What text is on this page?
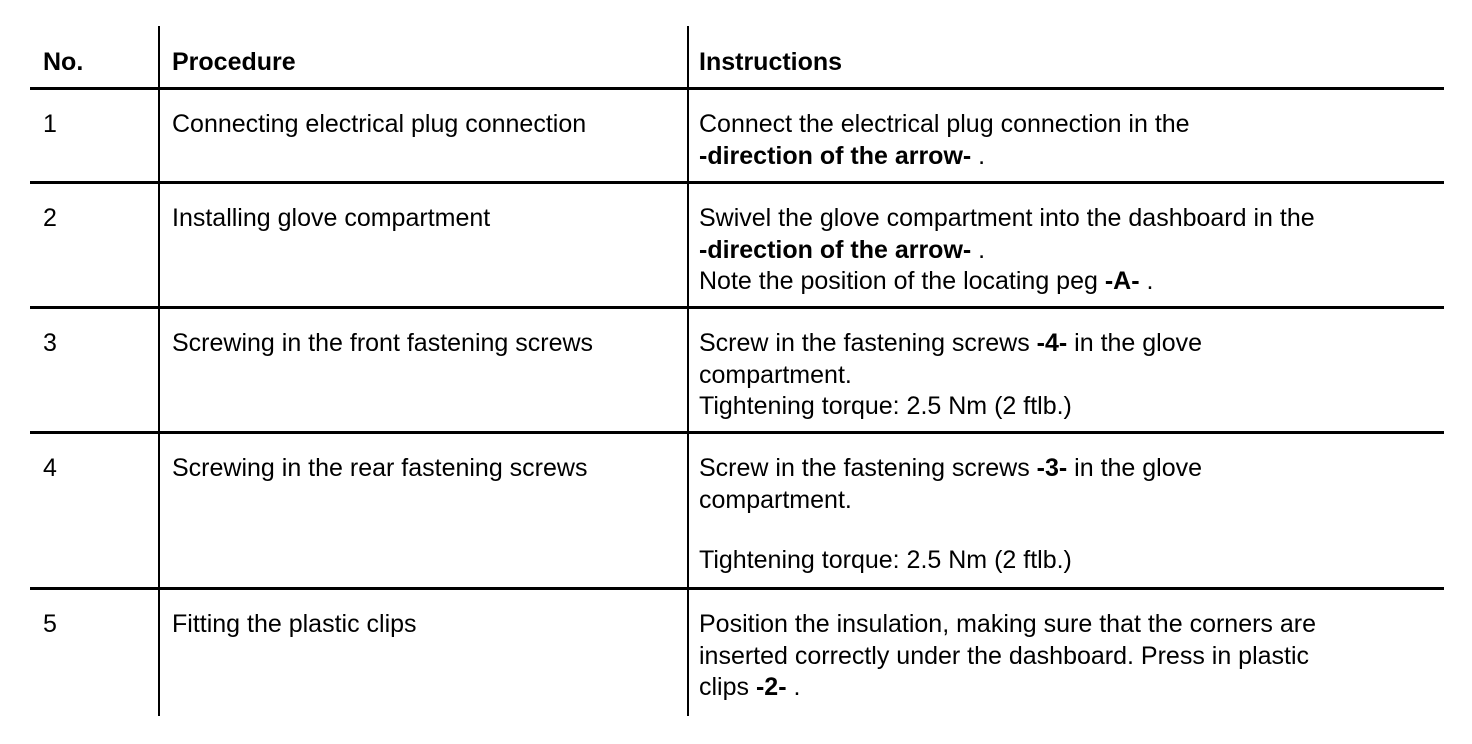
No.	Procedure	Instructions
1	Connecting electrical plug connection	Connect the electrical plug connection in the
-direction of the arrow- .
2	Installing glove compartment	Swivel the glove compartment into the dashboard in the
-direction of the arrow- .
Note the position of the locating peg -A- .
3	Screwing in the front fastening screws	Screw in the fastening screws -4- in the glove
compartment.
Tightening torque: 2.5 Nm (2 ftlb.)
4	Screwing in the rear fastening screws	Screw in the fastening screws -3- in the glove
compartment.
Tightening torque: 2.5 Nm (2 ftlb.)
5	Fitting the plastic clips	Position the insulation, making sure that the corners are
inserted correctly under the dashboard. Press in plastic
clips -2- .
